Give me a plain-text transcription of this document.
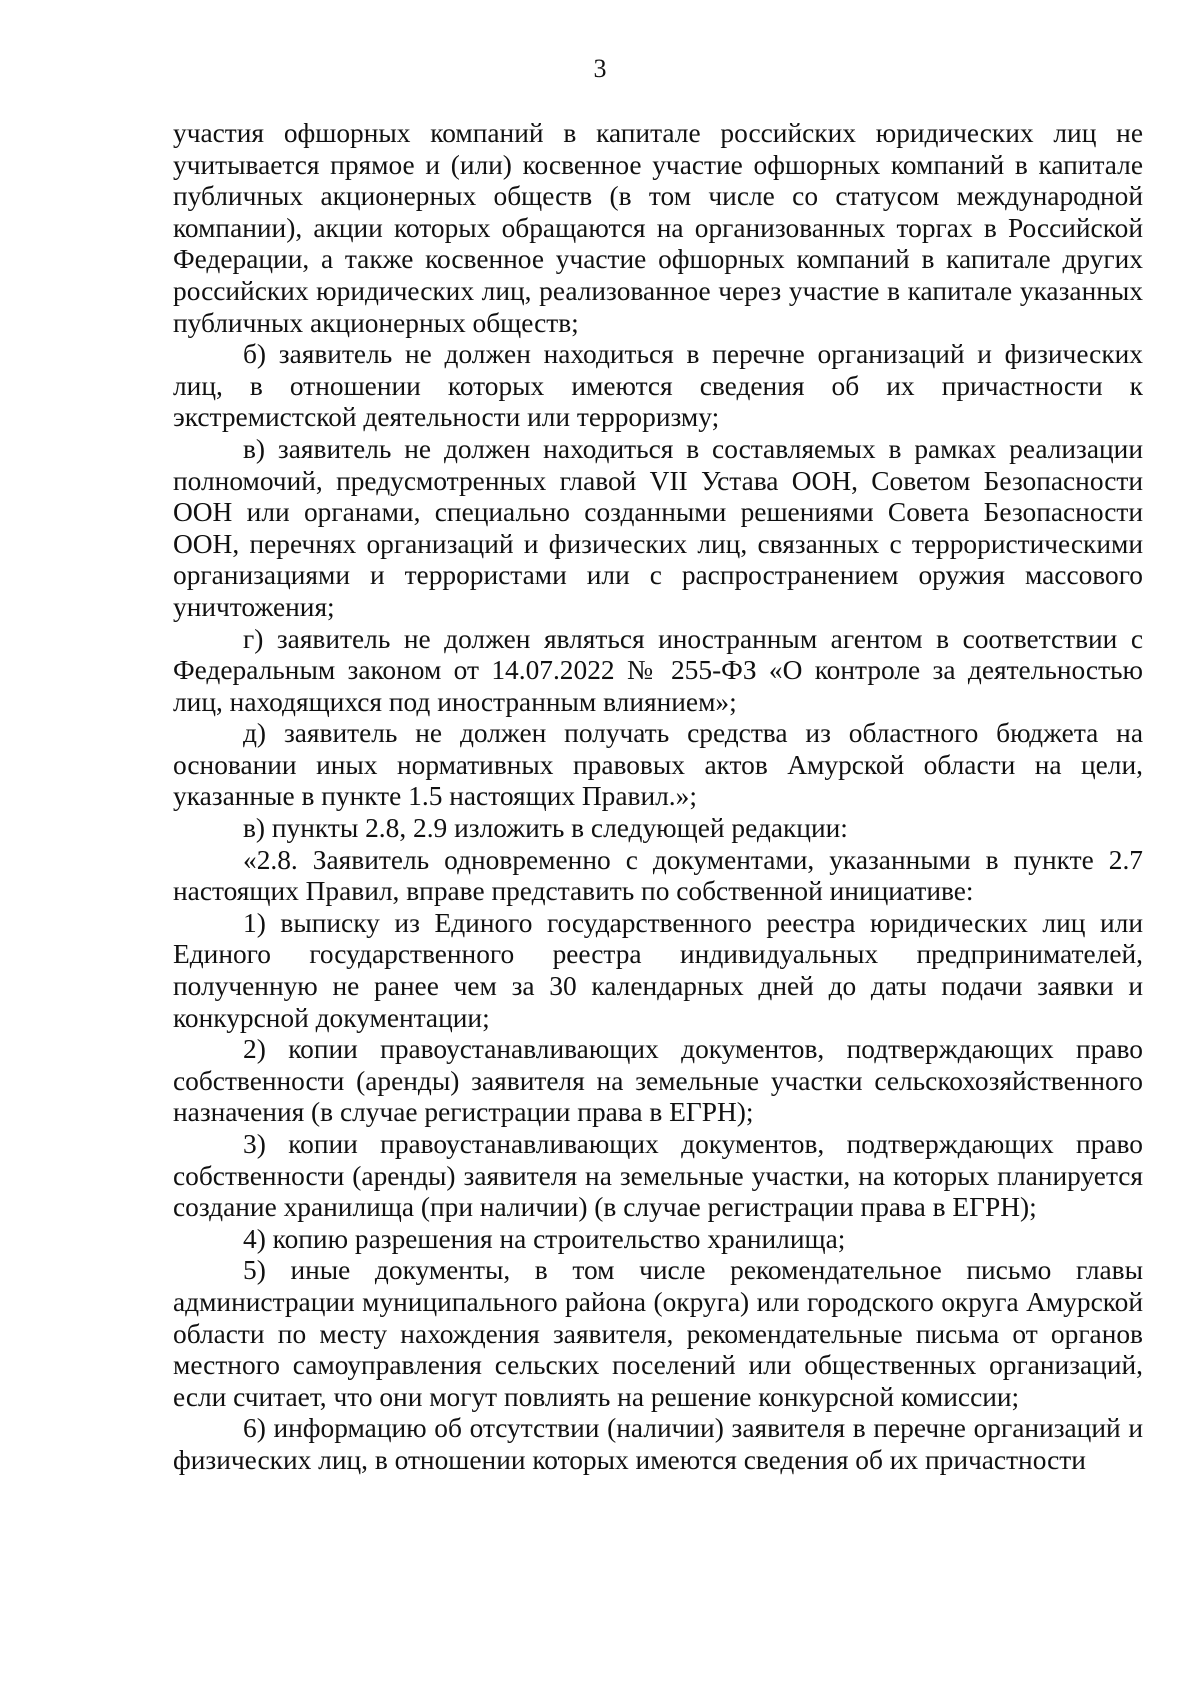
3

участия офшорных компаний в капитале российских юридических лиц не учитывается прямое и (или) косвенное участие офшорных компаний в капитале публичных акционерных обществ (в том числе со статусом международной компании), акции которых обращаются на организованных торгах в Российской Федерации, а также косвенное участие офшорных компаний в капитале других российских юридических лиц, реализованное через участие в капитале указанных публичных акционерных обществ;

б) заявитель не должен находиться в перечне организаций и физических лиц, в отношении которых имеются сведения об их причастности к экстремистской деятельности или терроризму;

в) заявитель не должен находиться в составляемых в рамках реализации полномочий, предусмотренных главой VII Устава ООН, Советом Безопасности ООН или органами, специально созданными решениями Совета Безопасности ООН, перечнях организаций и физических лиц, связанных с террористическими организациями и террористами или с распространением оружия массового уничтожения;

г) заявитель не должен являться иностранным агентом в соответствии с Федеральным законом от 14.07.2022 № 255-ФЗ «О контроле за деятельностью лиц, находящихся под иностранным влиянием»;

д) заявитель не должен получать средства из областного бюджета на основании иных нормативных правовых актов Амурской области на цели, указанные в пункте 1.5 настоящих Правил.»;

в) пункты 2.8, 2.9 изложить в следующей редакции:

«2.8. Заявитель одновременно с документами, указанными в пункте 2.7 настоящих Правил, вправе представить по собственной инициативе:

1) выписку из Единого государственного реестра юридических лиц или Единого государственного реестра индивидуальных предпринимателей, полученную не ранее чем за 30 календарных дней до даты подачи заявки и конкурсной документации;

2) копии правоустанавливающих документов, подтверждающих право собственности (аренды) заявителя на земельные участки сельскохозяйственного назначения (в случае регистрации права в ЕГРН);

3) копии правоустанавливающих документов, подтверждающих право собственности (аренды) заявителя на земельные участки, на которых планируется создание хранилища (при наличии) (в случае регистрации права в ЕГРН);

4) копию разрешения на строительство хранилища;

5) иные документы, в том числе рекомендательное письмо главы администрации муниципального района (округа) или городского округа Амурской области по месту нахождения заявителя, рекомендательные письма от органов местного самоуправления сельских поселений или общественных организаций, если считает, что они могут повлиять на решение конкурсной комиссии;

6) информацию об отсутствии (наличии) заявителя в перечне организаций и физических лиц, в отношении которых имеются сведения об их причастности
